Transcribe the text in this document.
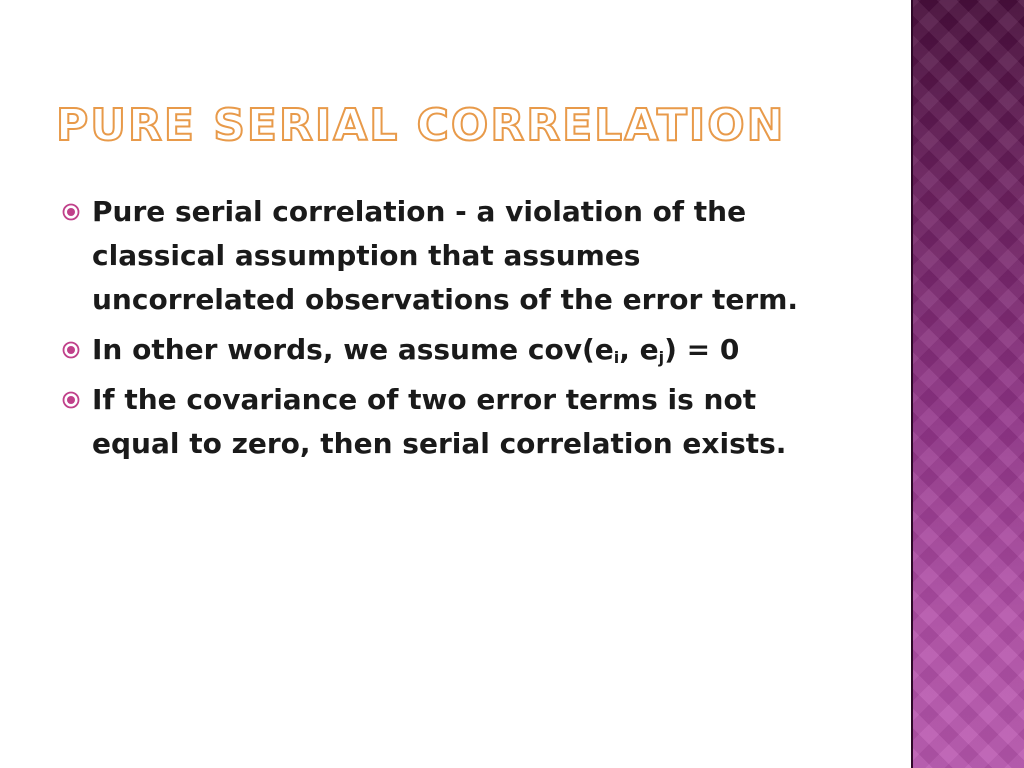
PURE SERIAL CORRELATION
Pure serial correlation - a violation of the classical assumption that assumes uncorrelated observations of the error term.
In other words, we assume $cov(e_i$, $e_j) = 0$
If the covariance of two error terms is not equal to zero, then serial correlation exists.
